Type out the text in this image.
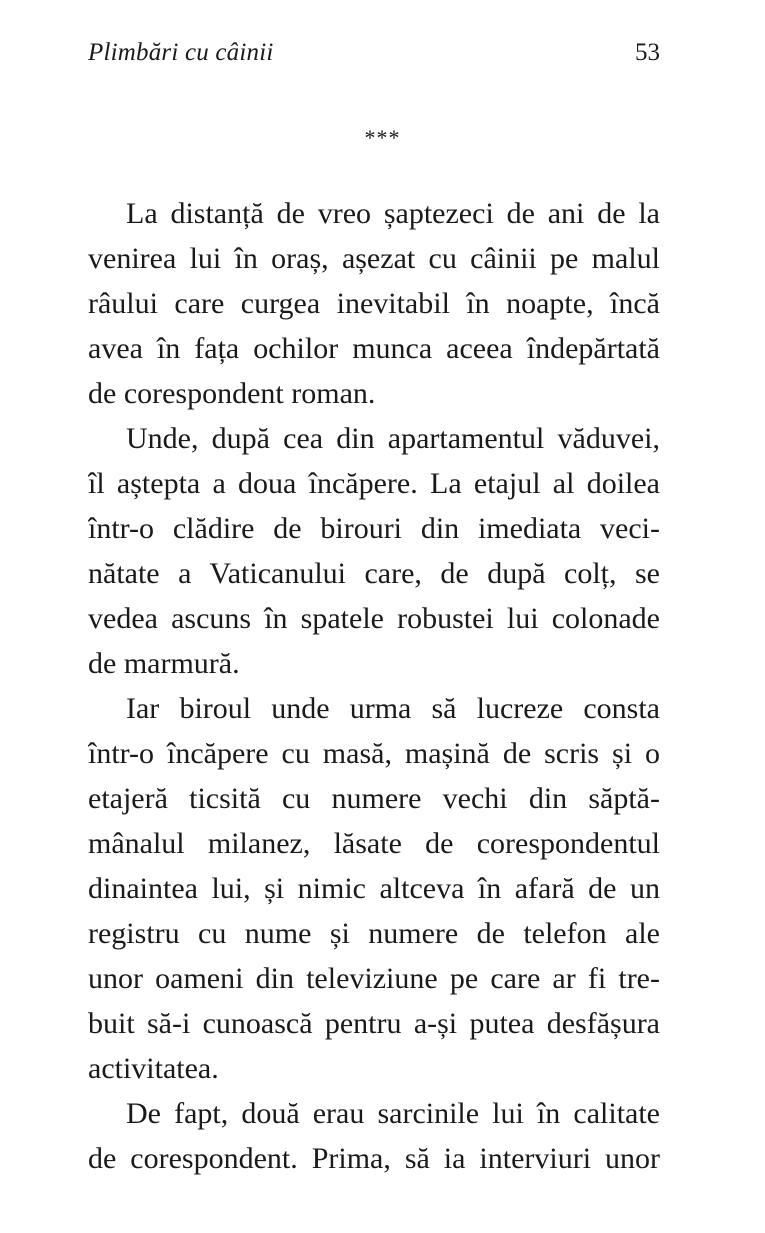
Plimbări cu câinii	53
***

La distanță de vreo șaptezeci de ani de la

venirea lui în oraș, așezat cu câinii pe malul

râului care curgea inevitabil în noapte, încă

avea în fața ochilor munca aceea îndepărtată

de corespondent roman.

Unde, după cea din apartamentul văduvei,

îl aștepta a doua încăpere. La etajul al doilea

într-o clădire de birouri din imediata veci-

nătate a Vaticanului care, de după colț, se

vedea ascuns în spatele robustei lui colonade

de marmură.

Iar biroul unde urma să lucreze consta

într-o încăpere cu masă, mașină de scris și o

etajeră ticsită cu numere vechi din săptă-

mânalul milanez, lăsate de corespondentul

dinaintea lui, și nimic altceva în afară de un

registru cu nume și numere de telefon ale

unor oameni din televiziune pe care ar fi tre-

buit să-i cunoască pentru a-și putea desfășura

activitatea.

De fapt, două erau sarcinile lui în calitate

de corespondent. Prima, să ia interviuri unor
